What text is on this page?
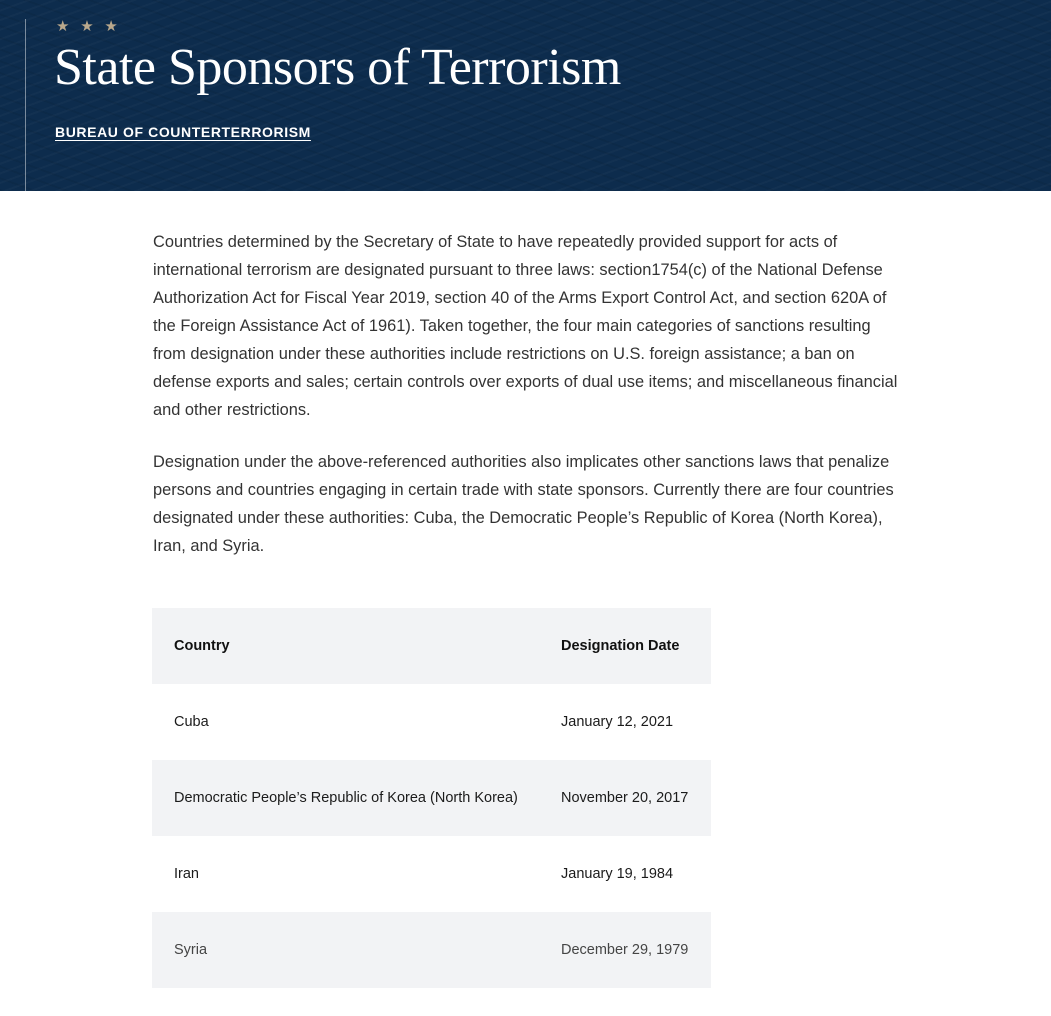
★ ★ ★
State Sponsors of Terrorism
BUREAU OF COUNTERTERRORISM

Countries determined by the Secretary of State to have repeatedly provided support for acts of international terrorism are designated pursuant to three laws: section1754(c) of the National Defense Authorization Act for Fiscal Year 2019, section 40 of the Arms Export Control Act, and section 620A of the Foreign Assistance Act of 1961). Taken together, the four main categories of sanctions resulting from designation under these authorities include restrictions on U.S. foreign assistance; a ban on defense exports and sales; certain controls over exports of dual use items; and miscellaneous financial and other restrictions.

Designation under the above-referenced authorities also implicates other sanctions laws that penalize persons and countries engaging in certain trade with state sponsors. Currently there are four countries designated under these authorities: Cuba, the Democratic People’s Republic of Korea (North Korea), Iran, and Syria.

Country	Designation Date
Cuba	January 12, 2021
Democratic People’s Republic of Korea (North Korea)	November 20, 2017
Iran	January 19, 1984
Syria	December 29, 1979
